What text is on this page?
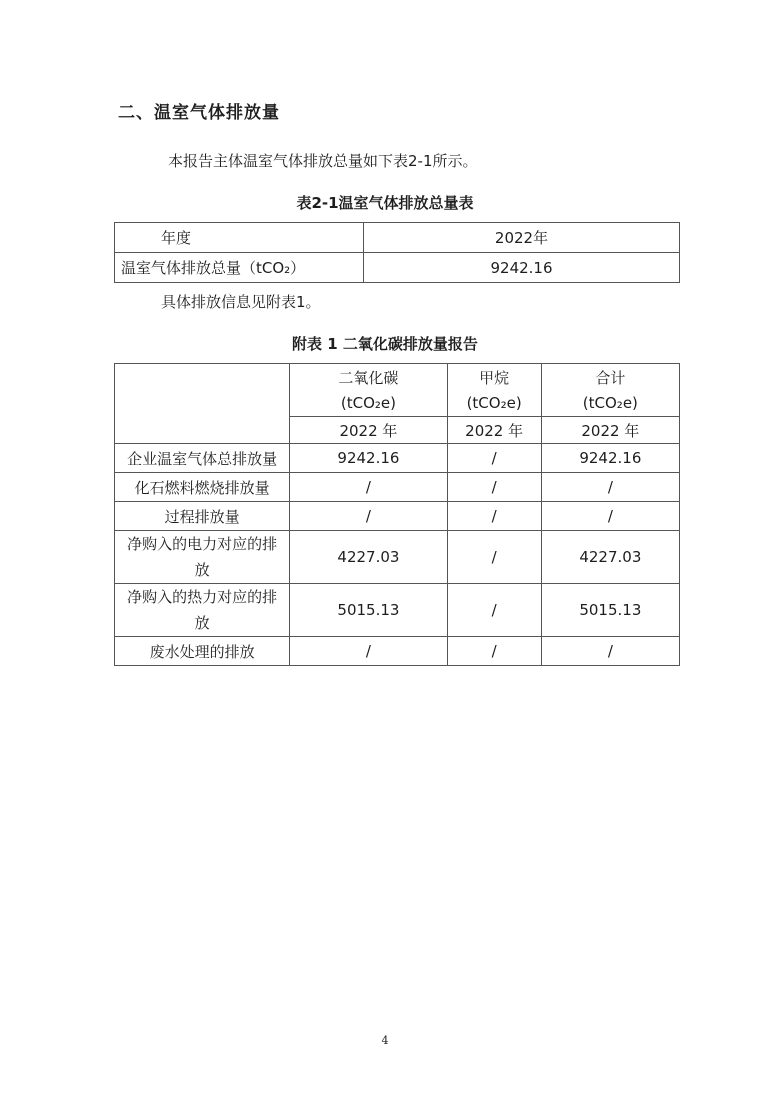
二、温室气体排放量
本报告主体温室气体排放总量如下表2-1所示。
表2-1温室气体排放总量表
年度	2022年
温室气体排放总量（tCO₂）	9242.16
具体排放信息见附表1。
附表 1 二氧化碳排放量报告
	二氧化碳	甲烷	合计
	(tCO₂e)	(tCO₂e)	(tCO₂e)
	2022 年	2022 年	2022 年
企业温室气体总排放量	9242.16	/	9242.16
化石燃料燃烧排放量	/	/	/
过程排放量	/	/	/
净购入的电力对应的排
放	4227.03	/	4227.03
净购入的热力对应的排
放	5015.13	/	5015.13
废水处理的排放	/	/	/
4
